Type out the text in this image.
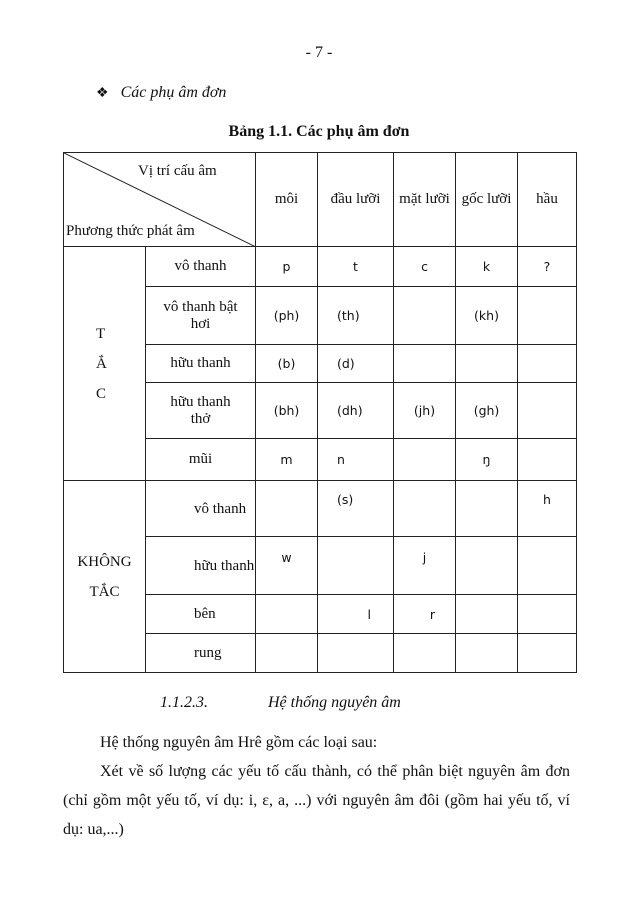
- 7 -
❖ Các phụ âm đơn
Bảng 1.1. Các phụ âm đơn
Vị trí cấu âm
Phương thức phát âm		môi	đầu lưỡi	mặt lưỡi	gốc lưỡi	hầu
T
Ắ
C	vô thanh	p	t	c	k	?
	vô thanh bật hơi	(ph)	(th)		(kh)	
	hữu thanh	(b)	(d)			
	hữu thanh thở	(bh)	(dh)	(jh)	(gh)	
	mũi	m	n		ŋ	
KHÔNG TẮC	vô thanh		(s)			h
	hữu thanh	w		j		
	bên		l	r		
	rung					
1.1.2.3.	Hệ thống nguyên âm
Hệ thống nguyên âm Hrê gồm các loại sau:
Xét về số lượng các yếu tố cấu thành, có thể phân biệt nguyên âm đơn (chỉ gồm một yếu tố, ví dụ: i, ɛ, a, ...) với nguyên âm đôi (gồm hai yếu tố, ví dụ: ua,...)
